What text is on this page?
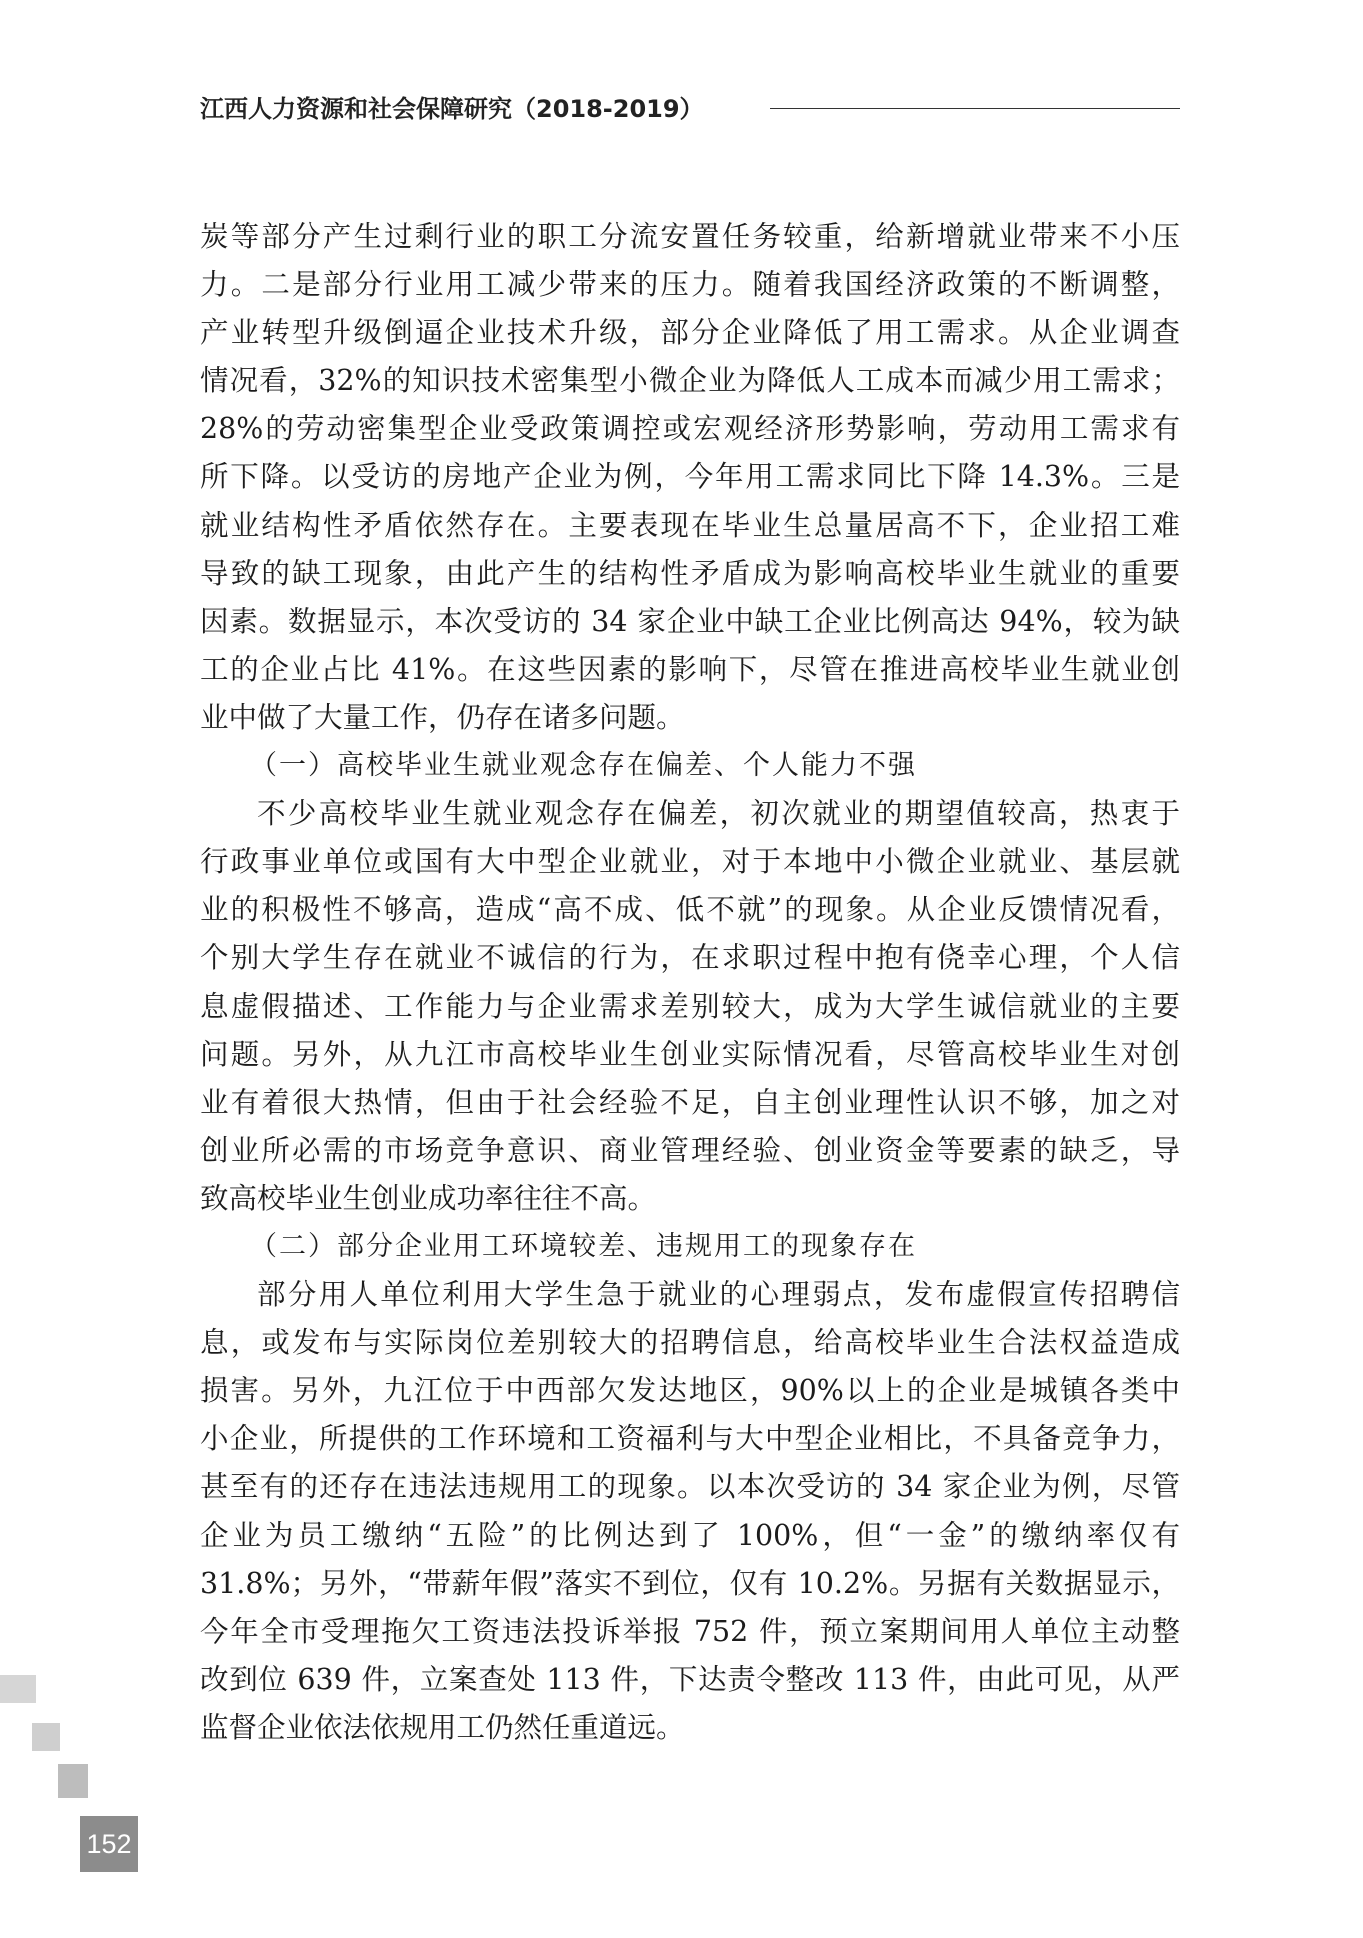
江西人力资源和社会保障研究（2018-2019）
炭等部分产生过剩行业的职工分流安置任务较重，给新增就业带来不小压
力。二是部分行业用工减少带来的压力。随着我国经济政策的不断调整，
产业转型升级倒逼企业技术升级，部分企业降低了用工需求。从企业调查
情况看，32%的知识技术密集型小微企业为降低人工成本而减少用工需求；
28%的劳动密集型企业受政策调控或宏观经济形势影响，劳动用工需求有
所下降。以受访的房地产企业为例，今年用工需求同比下降 14.3%。三是
就业结构性矛盾依然存在。主要表现在毕业生总量居高不下，企业招工难
导致的缺工现象，由此产生的结构性矛盾成为影响高校毕业生就业的重要
因素。数据显示，本次受访的 34 家企业中缺工企业比例高达 94%，较为缺
工的企业占比 41%。在这些因素的影响下，尽管在推进高校毕业生就业创
业中做了大量工作，仍存在诸多问题。
（一）高校毕业生就业观念存在偏差、个人能力不强
不少高校毕业生就业观念存在偏差，初次就业的期望值较高，热衷于
行政事业单位或国有大中型企业就业，对于本地中小微企业就业、基层就
业的积极性不够高，造成“高不成、低不就”的现象。从企业反馈情况看，
个别大学生存在就业不诚信的行为，在求职过程中抱有侥幸心理，个人信
息虚假描述、工作能力与企业需求差别较大，成为大学生诚信就业的主要
问题。另外，从九江市高校毕业生创业实际情况看，尽管高校毕业生对创
业有着很大热情，但由于社会经验不足，自主创业理性认识不够，加之对
创业所必需的市场竞争意识、商业管理经验、创业资金等要素的缺乏，导
致高校毕业生创业成功率往往不高。
（二）部分企业用工环境较差、违规用工的现象存在
部分用人单位利用大学生急于就业的心理弱点，发布虚假宣传招聘信
息，或发布与实际岗位差别较大的招聘信息，给高校毕业生合法权益造成
损害。另外，九江位于中西部欠发达地区，90%以上的企业是城镇各类中
小企业，所提供的工作环境和工资福利与大中型企业相比，不具备竞争力，
甚至有的还存在违法违规用工的现象。以本次受访的 34 家企业为例，尽管
企业为员工缴纳“五险”的比例达到了 100%，但“一金”的缴纳率仅有
31.8%；另外，“带薪年假”落实不到位，仅有 10.2%。另据有关数据显示，
今年全市受理拖欠工资违法投诉举报 752 件，预立案期间用人单位主动整
改到位 639 件，立案查处 113 件，下达责令整改 113 件，由此可见，从严
监督企业依法依规用工仍然任重道远。
152
